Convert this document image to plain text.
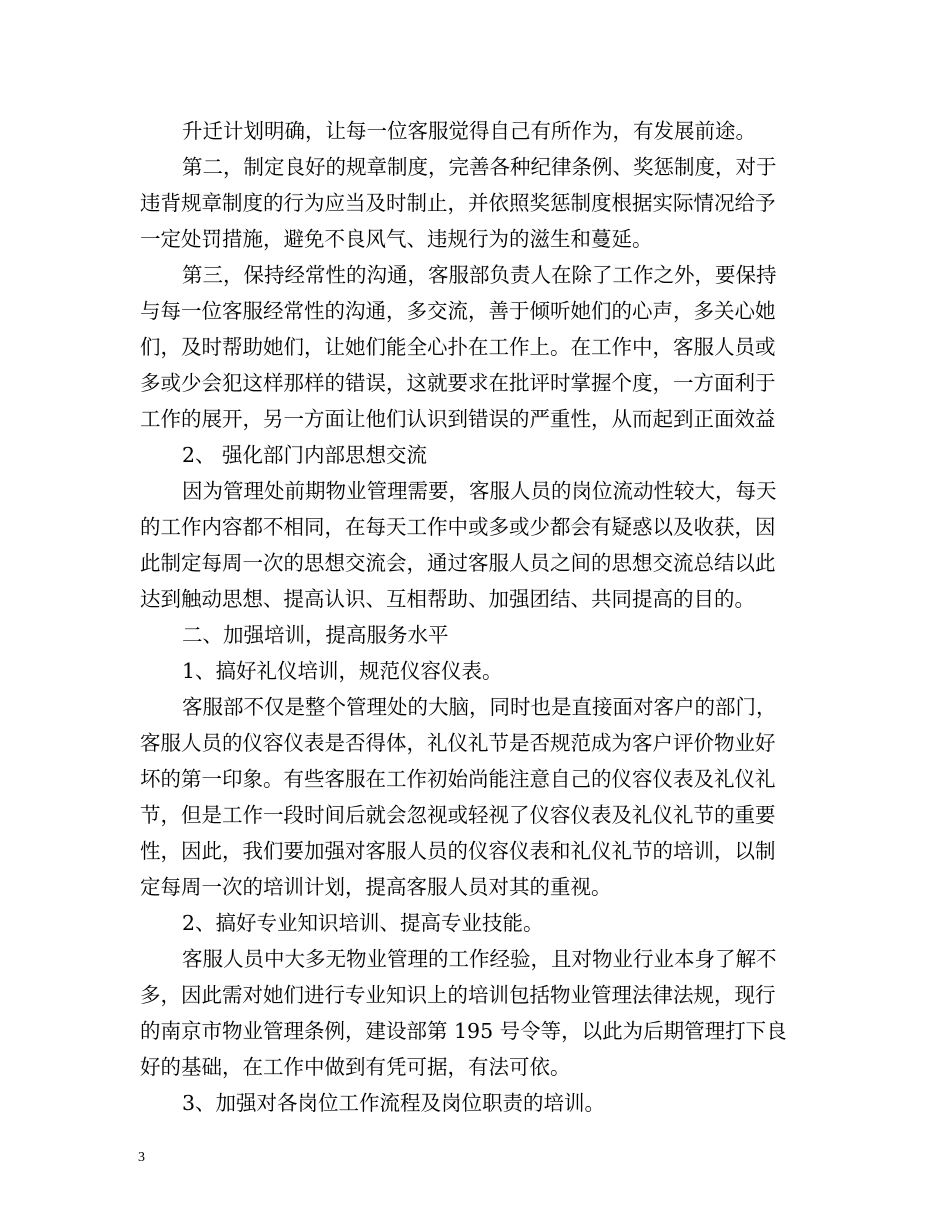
升迁计划明确，让每一位客服觉得自己有所作为，有发展前途。
第二，制定良好的规章制度，完善各种纪律条例、奖惩制度，对于
违背规章制度的行为应当及时制止，并依照奖惩制度根据实际情况给予
一定处罚措施，避免不良风气、违规行为的滋生和蔓延。
第三，保持经常性的沟通，客服部负责人在除了工作之外，要保持
与每一位客服经常性的沟通，多交流，善于倾听她们的心声，多关心她
们，及时帮助她们，让她们能全心扑在工作上。在工作中，客服人员或
多或少会犯这样那样的错误，这就要求在批评时掌握个度，一方面利于
工作的展开，另一方面让他们认识到错误的严重性，从而起到正面效益
2、 强化部门内部思想交流
因为管理处前期物业管理需要，客服人员的岗位流动性较大，每天
的工作内容都不相同，在每天工作中或多或少都会有疑惑以及收获，因
此制定每周一次的思想交流会，通过客服人员之间的思想交流总结以此
达到触动思想、提高认识、互相帮助、加强团结、共同提高的目的。
二、加强培训，提高服务水平
1、搞好礼仪培训，规范仪容仪表。
客服部不仅是整个管理处的大脑，同时也是直接面对客户的部门，
客服人员的仪容仪表是否得体，礼仪礼节是否规范成为客户评价物业好
坏的第一印象。有些客服在工作初始尚能注意自己的仪容仪表及礼仪礼
节，但是工作一段时间后就会忽视或轻视了仪容仪表及礼仪礼节的重要
性，因此，我们要加强对客服人员的仪容仪表和礼仪礼节的培训，以制
定每周一次的培训计划，提高客服人员对其的重视。
2、搞好专业知识培训、提高专业技能。
客服人员中大多无物业管理的工作经验，且对物业行业本身了解不
多，因此需对她们进行专业知识上的培训包括物业管理法律法规，现行
的南京市物业管理条例，建设部第 195 号令等，以此为后期管理打下良
好的基础，在工作中做到有凭可据，有法可依。
3、加强对各岗位工作流程及岗位职责的培训。
3
